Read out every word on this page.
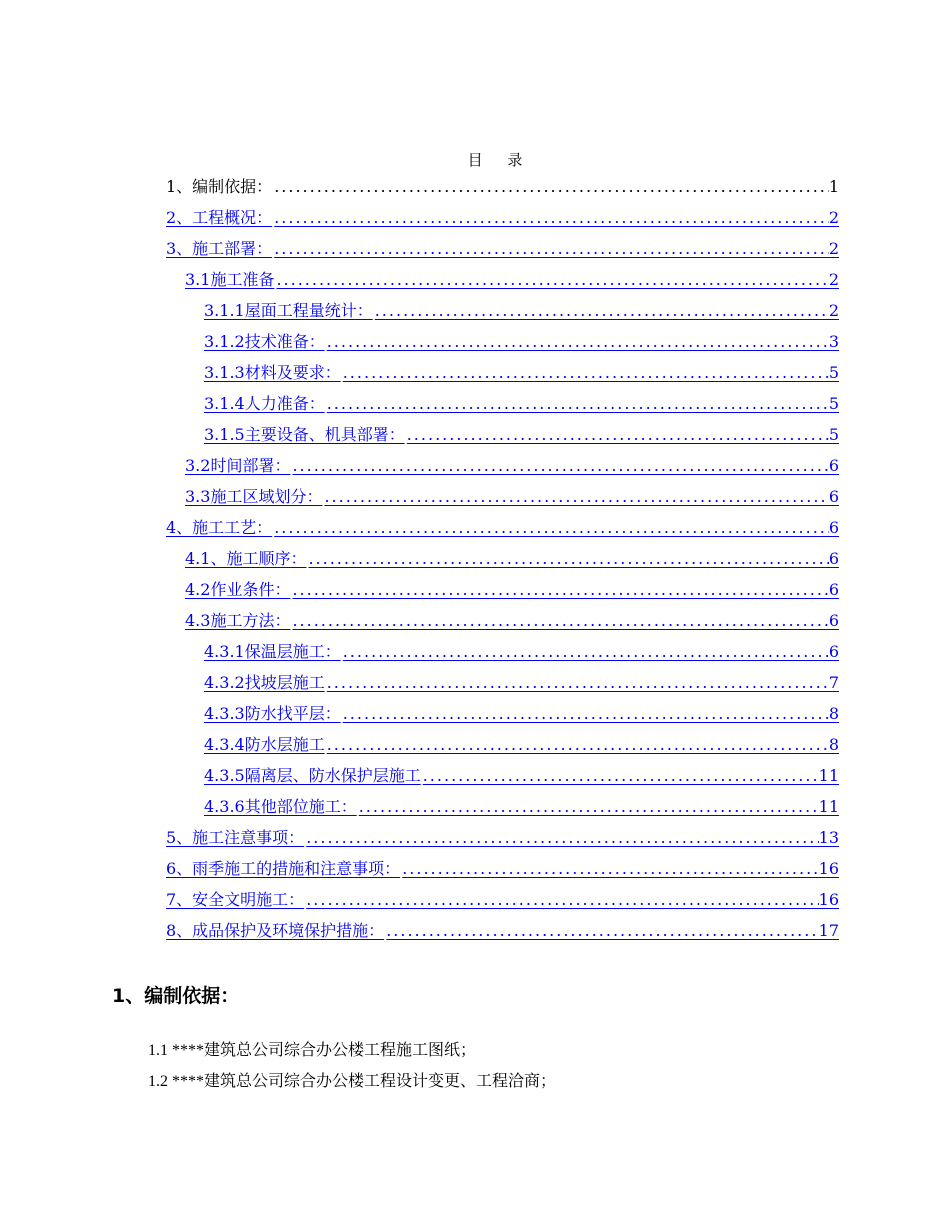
目 录
1、编制依据： .....	1
2、工程概况： .....	2
3、施工部署： .....	2
3.1施工准备 .....	2
3.1.1屋面工程量统计： .....	2
3.1.2技术准备： .....	3
3.1.3材料及要求： .....	5
3.1.4人力准备： .....	5
3.1.5主要设备、机具部署： .....	5
3.2时间部署： .....	6
3.3施工区域划分： .....	6
4、施工工艺： .....	6
4.1、施工顺序： .....	6
4.2作业条件： .....	6
4.3施工方法： .....	6
4.3.1保温层施工： .....	6
4.3.2找坡层施工 .....	7
4.3.3防水找平层： .....	8
4.3.4防水层施工 .....	8
4.3.5隔离层、防水保护层施工 .....	11
4.3.6其他部位施工： .....	11
5、施工注意事项： .....	13
6、雨季施工的措施和注意事项： .....	16
7、安全文明施工： .....	16
8、成品保护及环境保护措施： .....	17
1、编制依据：
1.1 ****建筑总公司综合办公楼工程施工图纸；
1.2 ****建筑总公司综合办公楼工程设计变更、工程洽商；
